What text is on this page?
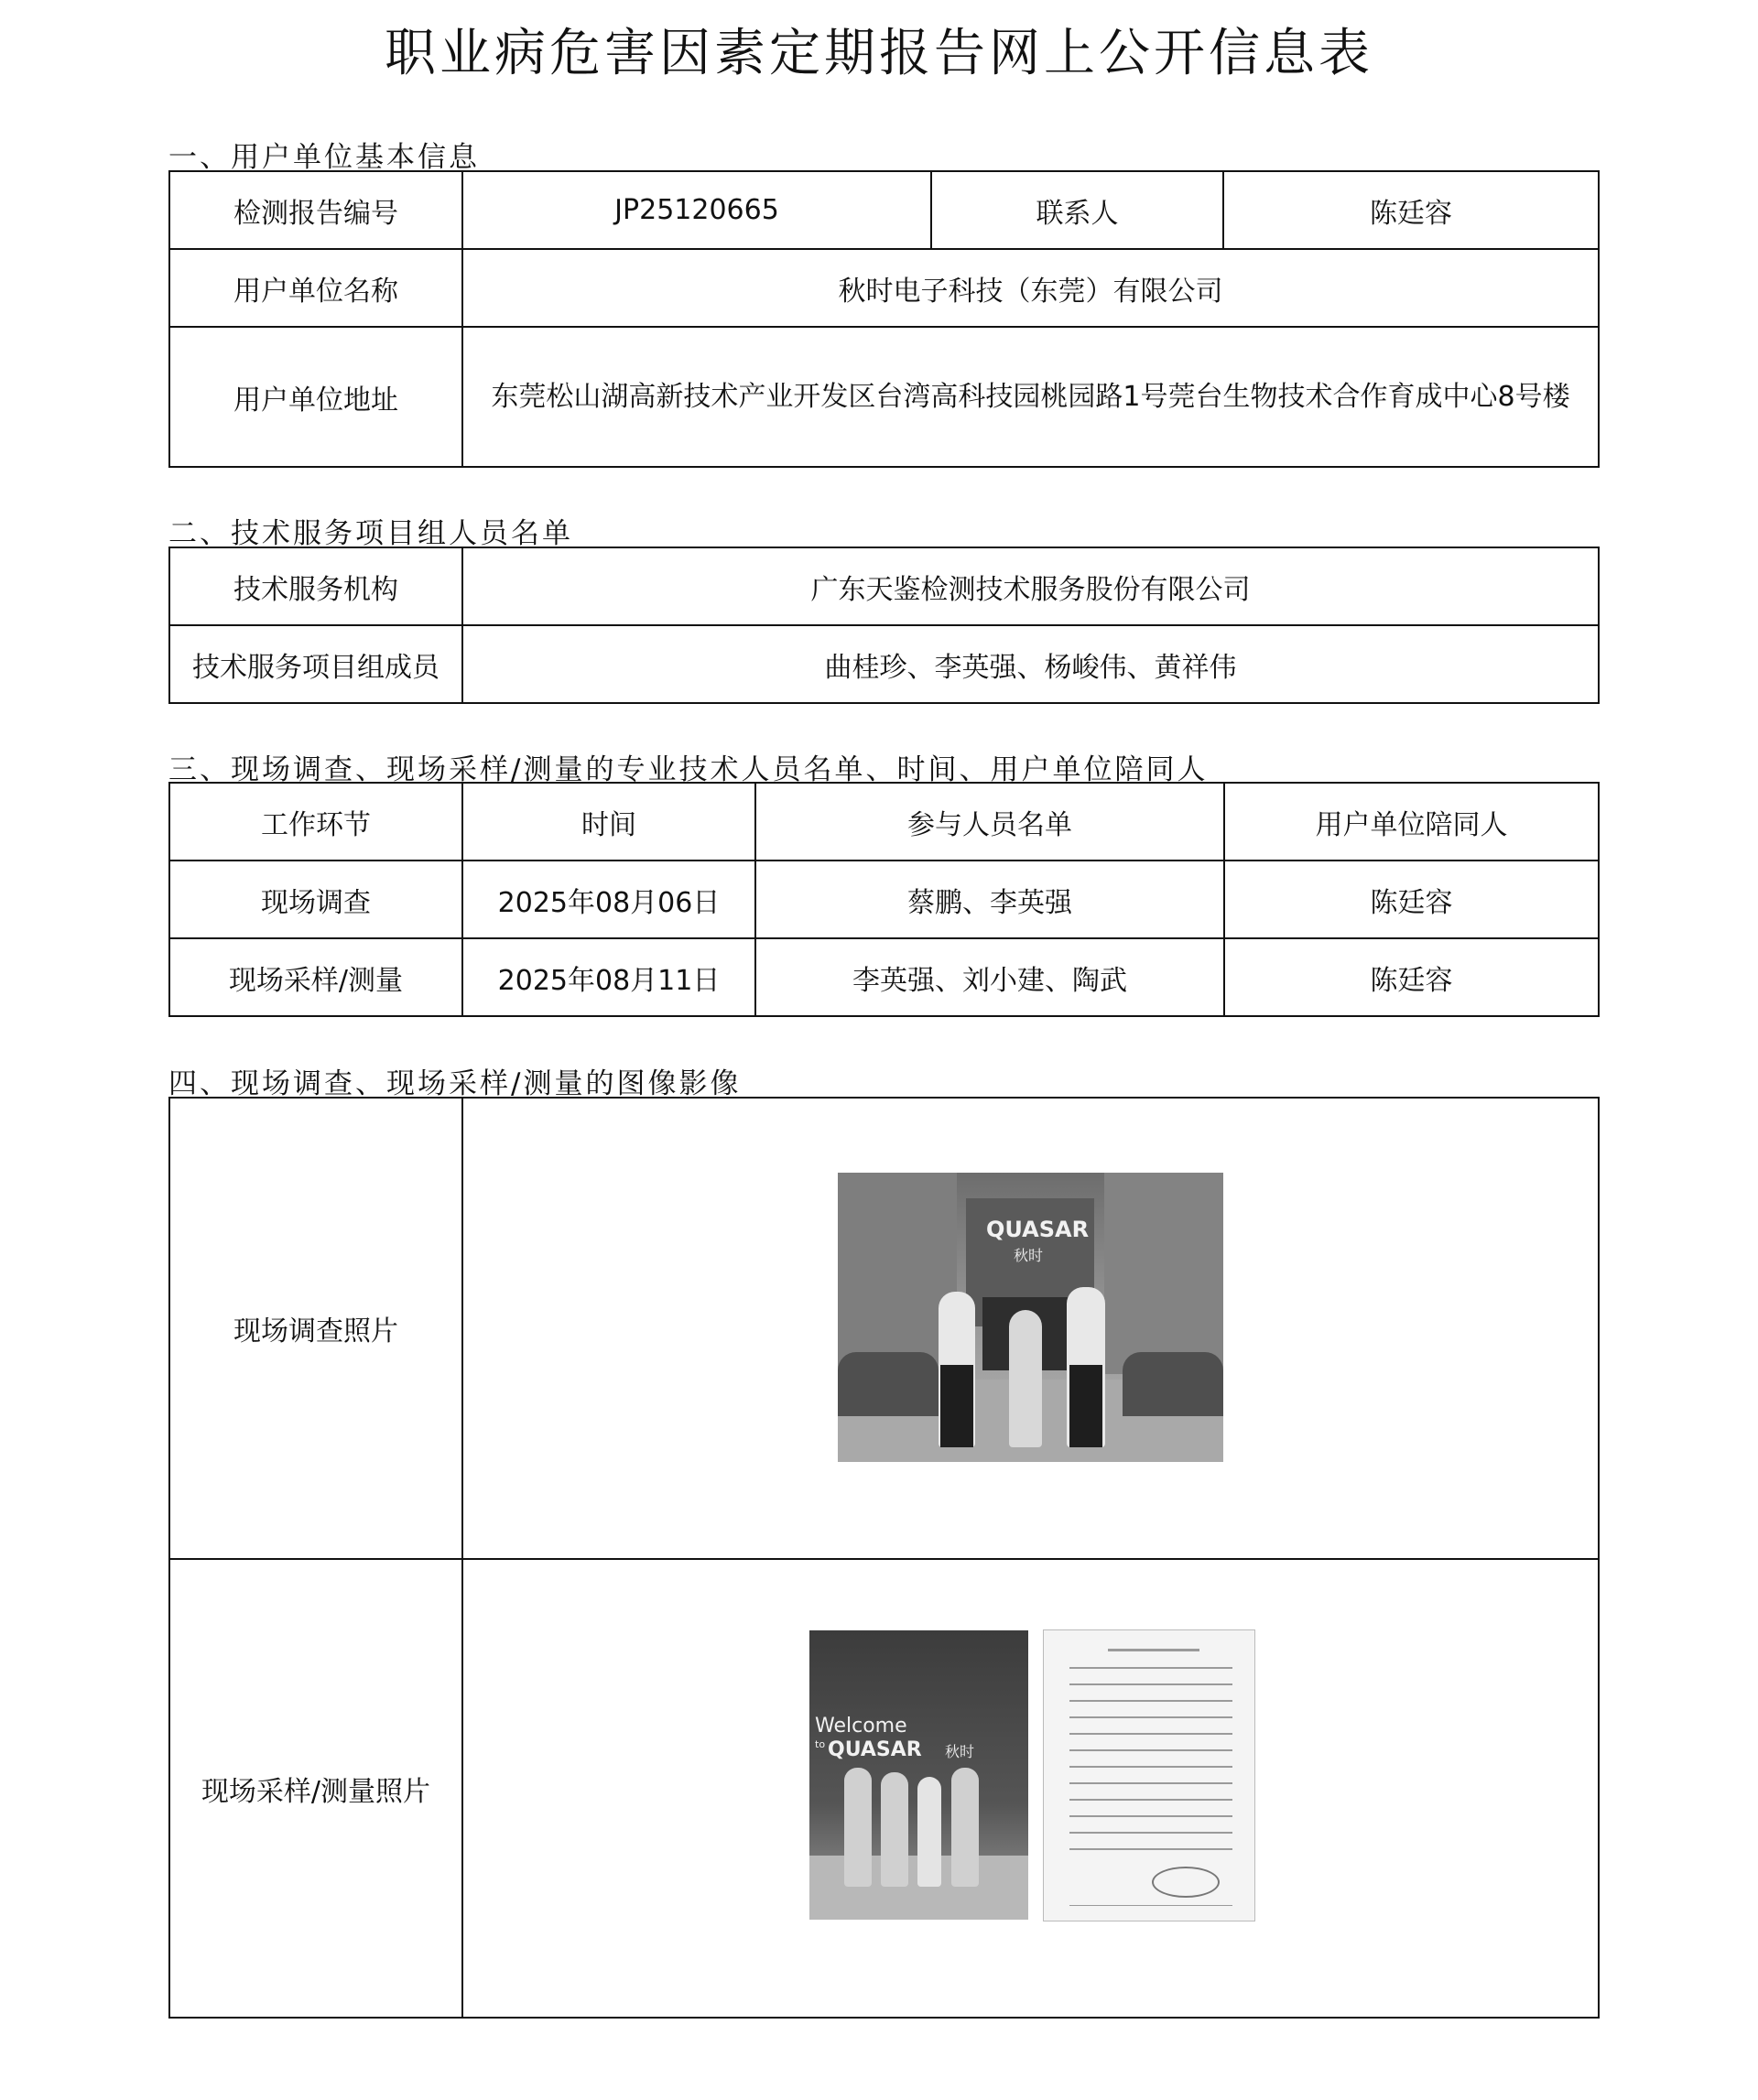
职业病危害因素定期报告网上公开信息表
一、用户单位基本信息
检测报告编号	JP25120665	联系人	陈廷容
用户单位名称	秋时电子科技（东莞）有限公司		
用户单位地址	东莞松山湖高新技术产业开发区台湾高科技园桃园路1号莞台生物技术合作育成中心8号楼		
二、技术服务项目组人员名单
技术服务机构	广东天鉴检测技术服务股份有限公司
技术服务项目组成员	曲桂珍、李英强、杨峻伟、黄祥伟
三、现场调查、现场采样/测量的专业技术人员名单、时间、用户单位陪同人
工作环节	时间	参与人员名单	用户单位陪同人
现场调查	2025年08月06日	蔡鹏、李英强	陈廷容
现场采样/测量	2025年08月11日	李英强、刘小建、陶武	陈廷容
四、现场调查、现场采样/测量的图像影像
现场调查照片	
现场采样/测量照片	
QUASAR
秋时
Welcome
to QUASAR 秋时
